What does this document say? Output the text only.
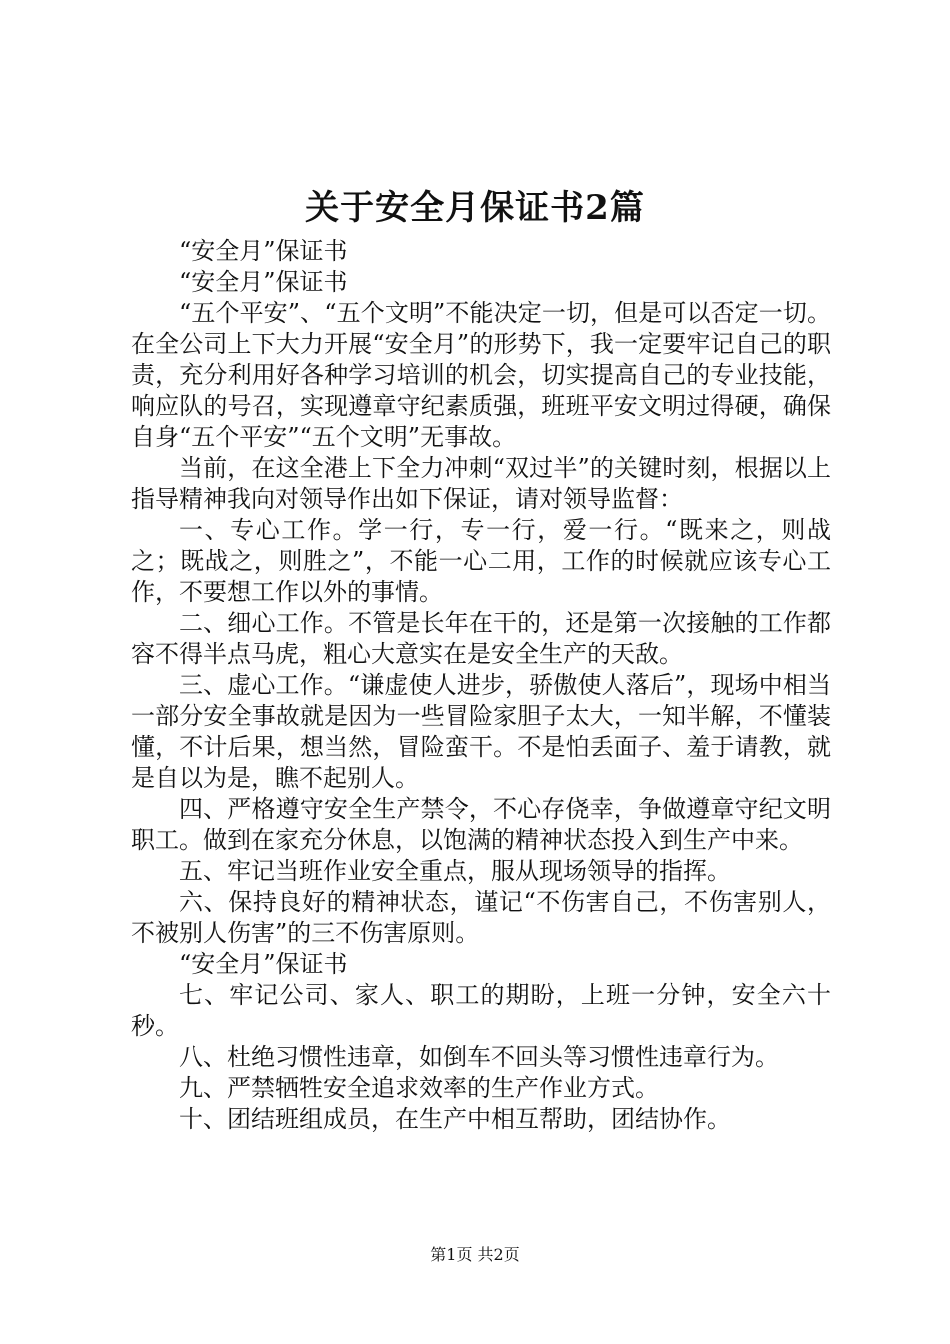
关于安全月保证书2篇

“安全月”保证书

“安全月”保证书

“五个平安”、“五个文明”不能决定一切，但是可以否定一切。在全公司上下大力开展“安全月”的形势下，我一定要牢记自己的职责，充分利用好各种学习培训的机会，切实提高自己的专业技能，响应队的号召，实现遵章守纪素质强，班班平安文明过得硬，确保自身“五个平安”“五个文明”无事故。

当前，在这全港上下全力冲刺“双过半”的关键时刻，根据以上指导精神我向对领导作出如下保证，请对领导监督：

一、专心工作。学一行，专一行，爱一行。“既来之，则战之；既战之，则胜之”，不能一心二用，工作的时候就应该专心工作，不要想工作以外的事情。

二、细心工作。不管是长年在干的，还是第一次接触的工作都容不得半点马虎，粗心大意实在是安全生产的天敌。

三、虚心工作。“谦虚使人进步，骄傲使人落后”，现场中相当一部分安全事故就是因为一些冒险家胆子太大，一知半解，不懂装懂，不计后果，想当然，冒险蛮干。不是怕丢面子、羞于请教，就是自以为是，瞧不起别人。

四、严格遵守安全生产禁令，不心存侥幸，争做遵章守纪文明职工。做到在家充分休息，以饱满的精神状态投入到生产中来。

五、牢记当班作业安全重点，服从现场领导的指挥。

六、保持良好的精神状态，谨记“不伤害自己，不伤害别人，不被别人伤害”的三不伤害原则。

“安全月”保证书

七、牢记公司、家人、职工的期盼，上班一分钟，安全六十秒。

八、杜绝习惯性违章，如倒车不回头等习惯性违章行为。

九、严禁牺牲安全追求效率的生产作业方式。

十、团结班组成员，在生产中相互帮助，团结协作。

第1页 共2页
